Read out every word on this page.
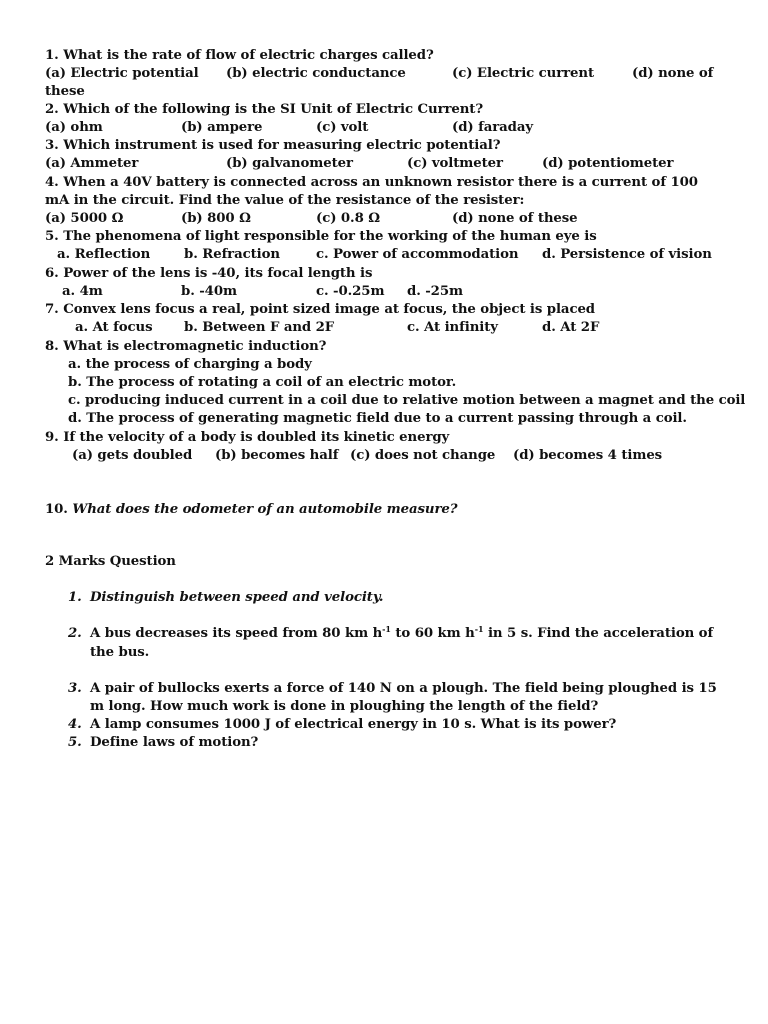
1. What is the rate of flow of electric charges called?
(a) Electric potential (b) electric conductance	(c) Electric current	(d) none of
these
2. Which of the following is the SI Unit of Electric Current?
(a) ohm	(b) ampere	(c) volt	(d) faraday
3. Which instrument is used for measuring electric potential?
(a) Ammeter	(b) galvanometer	(c) voltmeter	(d) potentiometer
4. When a 40V battery is connected across an unknown resistor there is a current of 100
mA in the circuit. Find the value of the resistance of the resister:
(a) 5000 Ω	(b) 800 Ω	(c) 0.8 Ω	(d) none of these
5. The phenomena of light responsible for the working of the human eye is
a. Reflection	b. Refraction	c. Power of accommodation d. Persistence of vision
6. Power of the lens is -40, its focal length is
a. 4m	b. -40m	c. -0.25m d. -25m
7. Convex lens focus a real, point sized image at focus, the object is placed
a. At focus b. Between F and 2F	c. At infinity	d. At 2F
8. What is electromagnetic induction?
a. the process of charging a body
b. The process of rotating a coil of an electric motor.
c. producing induced current in a coil due to relative motion between a magnet and the coil
d. The process of generating magnetic field due to a current passing through a coil.
9. If the velocity of a body is doubled its kinetic energy
(a) gets doubled (b) becomes half (c) does not change (d) becomes 4 times
10. What does the odometer of an automobile measure?
2 Marks Question
1. Distinguish between speed and velocity.
2. A bus decreases its speed from 80 km $h^{-1}$ to 60 km $h^{-1}$ in 5 s. Find the acceleration of
the bus.
3. A pair of bullocks exerts a force of 140 N on a plough. The field being ploughed is 15
m long. How much work is done in ploughing the length of the field?
4. A lamp consumes 1000 J of electrical energy in 10 s. What is its power?
5. Define laws of motion?
